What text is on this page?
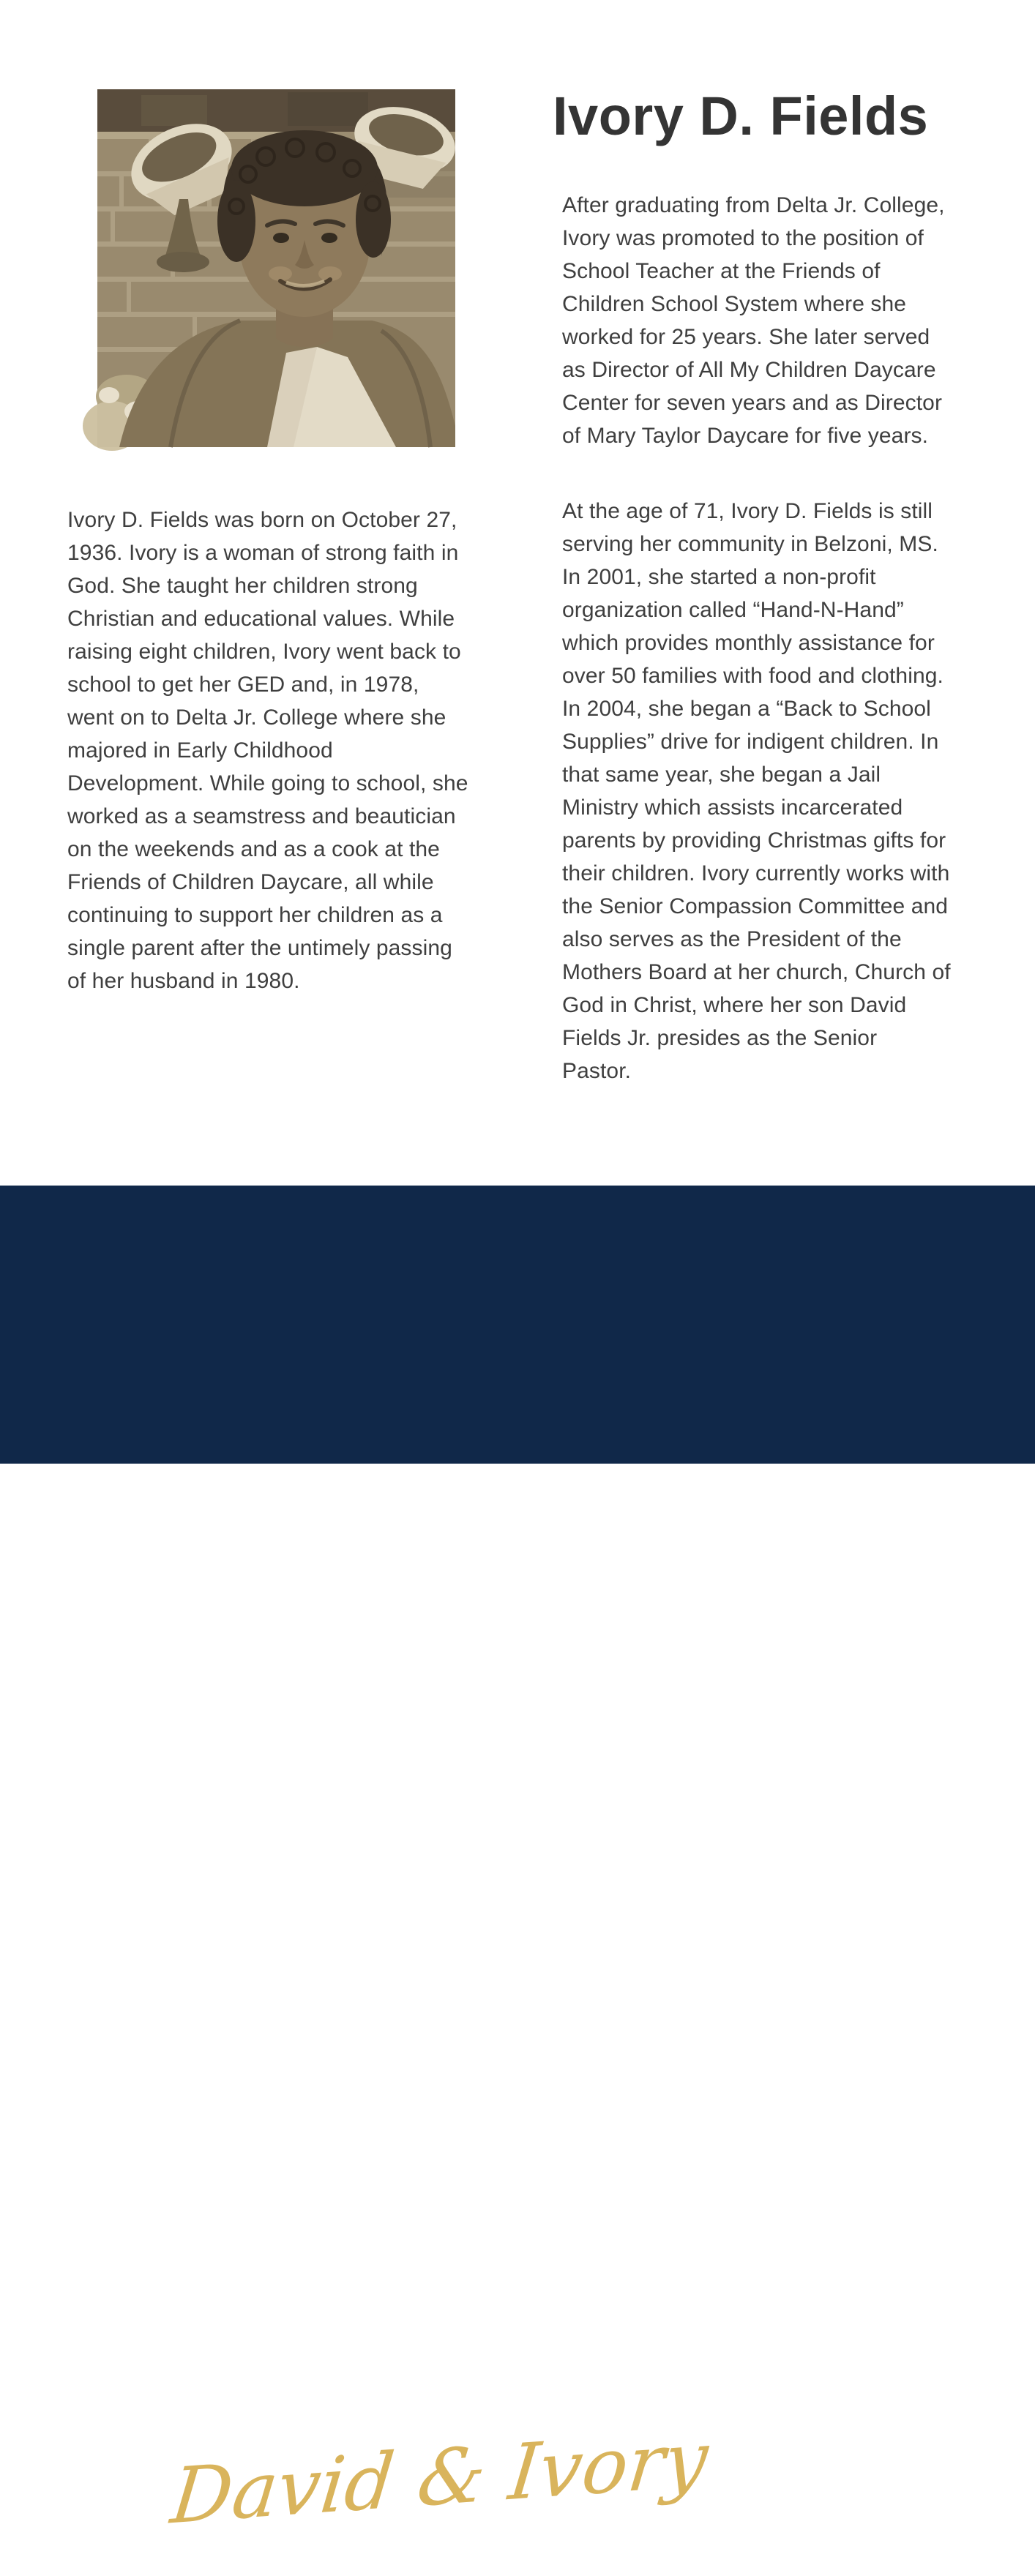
Ivory D. Fields

Ivory D. Fields was born on October 27, 1936. Ivory is a woman of strong faith in God. She taught her children strong Christian and educational values. While raising eight children, Ivory went back to school to get her GED and, in 1978, went on to Delta Jr. College where she majored in Early Childhood Development. While going to school, she worked as a seamstress and beautician on the weekends and as a cook at the Friends of Children Daycare, all while continuing to support her children as a single parent after the untimely passing of her husband in 1980.

After graduating from Delta Jr. College, Ivory was promoted to the position of School Teacher at the Friends of Children School System where she worked for 25 years. She later served as Director of All My Children Daycare Center for seven years and as Director of Mary Taylor Daycare for five years.

At the age of 71, Ivory D. Fields is still serving her community in Belzoni, MS. In 2001, she started a non-profit organization called “Hand-N-Hand” which provides monthly assistance for over 50 families with food and clothing. In 2004, she began a “Back to School Supplies” drive for indigent children. In that same year, she began a Jail Ministry which assists incarcerated parents by providing Christmas gifts for their children. Ivory currently works with the Senior Compassion Committee and also serves as the President of the Mothers Board at her church, Church of God in Christ, where her son David Fields Jr. presides as the Senior Pastor.

David & Ivory
